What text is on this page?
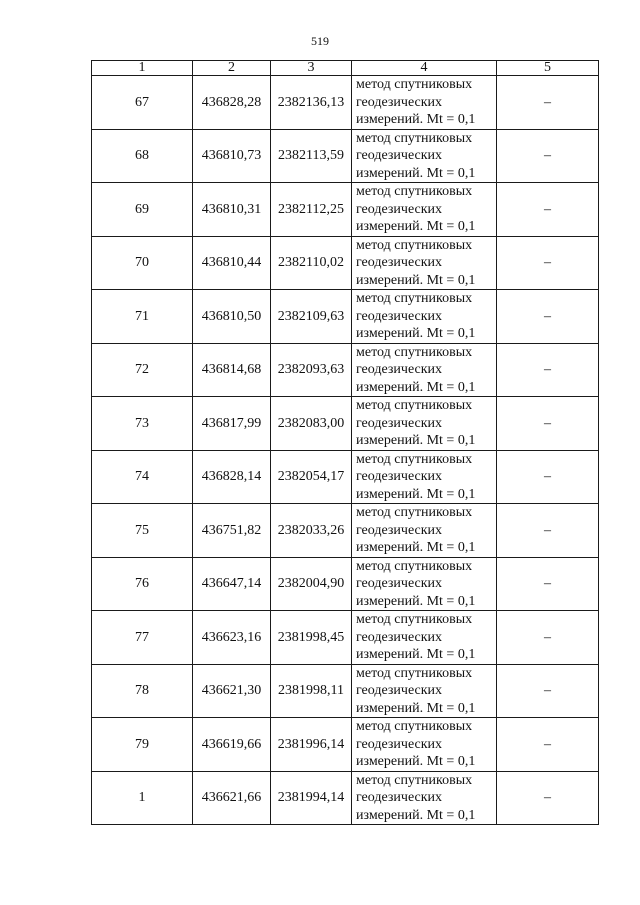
519
1	2	3	4	5
67	436828,28	2382136,13	метод спутниковых
геодезических
измерений. Mt = 0,1	–
68	436810,73	2382113,59	метод спутниковых
геодезических
измерений. Mt = 0,1	–
69	436810,31	2382112,25	метод спутниковых
геодезических
измерений. Mt = 0,1	–
70	436810,44	2382110,02	метод спутниковых
геодезических
измерений. Mt = 0,1	–
71	436810,50	2382109,63	метод спутниковых
геодезических
измерений. Mt = 0,1	–
72	436814,68	2382093,63	метод спутниковых
геодезических
измерений. Mt = 0,1	–
73	436817,99	2382083,00	метод спутниковых
геодезических
измерений. Mt = 0,1	–
74	436828,14	2382054,17	метод спутниковых
геодезических
измерений. Mt = 0,1	–
75	436751,82	2382033,26	метод спутниковых
геодезических
измерений. Mt = 0,1	–
76	436647,14	2382004,90	метод спутниковых
геодезических
измерений. Mt = 0,1	–
77	436623,16	2381998,45	метод спутниковых
геодезических
измерений. Mt = 0,1	–
78	436621,30	2381998,11	метод спутниковых
геодезических
измерений. Mt = 0,1	–
79	436619,66	2381996,14	метод спутниковых
геодезических
измерений. Mt = 0,1	–
1	436621,66	2381994,14	метод спутниковых
геодезических
измерений. Mt = 0,1	–
